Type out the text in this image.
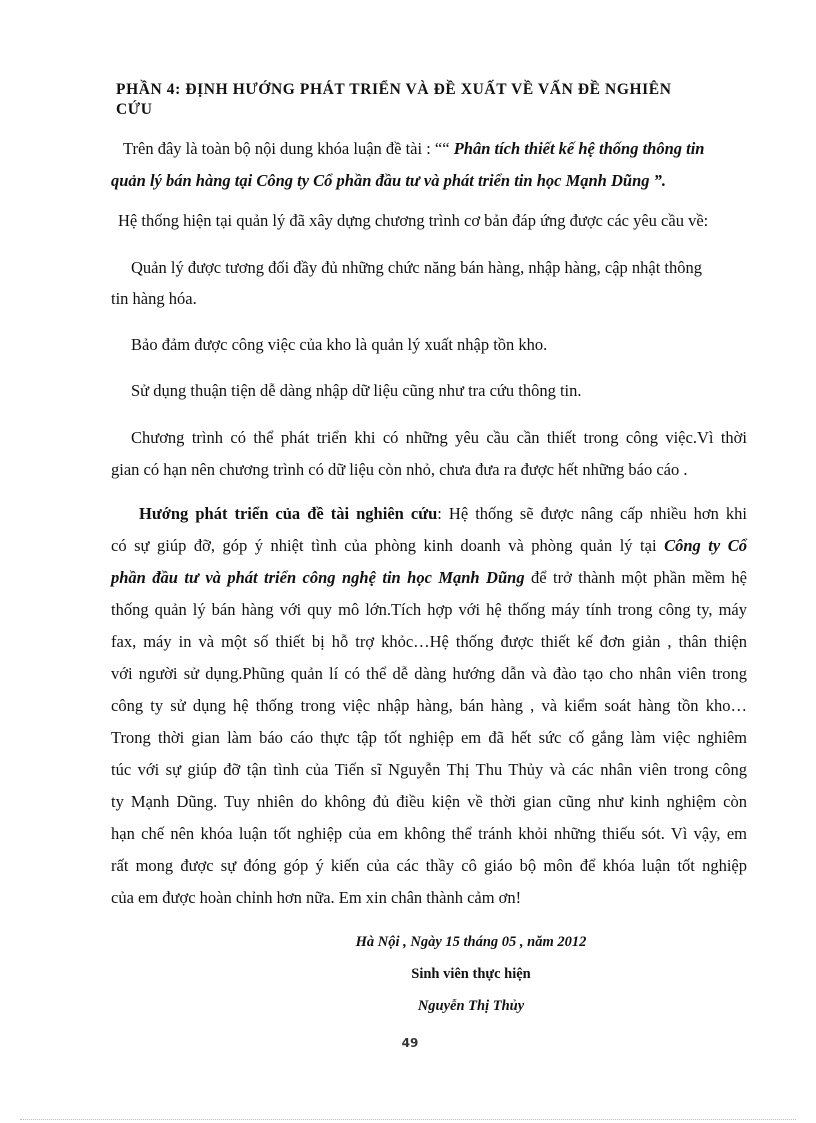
PHẦN 4: ĐỊNH HƯỚNG PHÁT TRIỂN VÀ ĐỀ XUẤT VỀ VẤN ĐỀ NGHIÊN
CỨU
Trên đây là toàn bộ nội dung khóa luận đề tài : ““ Phân tích thiết kế hệ thống thông tin
quản lý bán hàng tại Công ty Cổ phần đầu tư và phát triển tin học Mạnh Dũng ”.
Hệ thống hiện tại quản lý đã xây dựng chương trình cơ bản đáp ứng được các yêu cầu về:
Quản lý được tương đối đầy đủ những chức năng bán hàng, nhập hàng, cập nhật thông
tin hàng hóa.
Bảo đảm được công việc của kho là quản lý xuất nhập tồn kho.
Sử dụng thuận tiện dễ dàng nhập dữ liệu cũng như tra cứu thông tin.
Chương trình có thể phát triển khi có những yêu cầu cần thiết trong công việc.Vì thời
gian có hạn nên chương trình có dữ liệu còn nhỏ, chưa đưa ra được hết những báo cáo .
Hướng phát triển của đề tài nghiên cứu: Hệ thống sẽ được nâng cấp nhiều hơn khi
có sự giúp đỡ, góp ý nhiệt tình của phòng kinh doanh và phòng quản lý tại Công ty Cổ
phần đầu tư và phát triển công nghệ tin học Mạnh Dũng để trở thành một phần mềm hệ
thống quản lý bán hàng với quy mô lớn.Tích hợp với hệ thống máy tính trong công ty, máy
fax, máy in và một số thiết bị hỗ trợ khỏc…Hệ thống được thiết kế đơn giản , thân thiện
với người sử dụng.Phũng quản lí có thể dễ dàng hướng dẫn và đào tạo cho nhân viên trong
công ty sử dụng hệ thống trong việc nhập hàng, bán hàng , và kiểm soát hàng tồn kho…
Trong thời gian làm báo cáo thực tập tốt nghiệp em đã hết sức cố gắng làm việc nghiêm
túc với sự giúp đỡ tận tình của Tiến sĩ Nguyễn Thị Thu Thủy và các nhân viên trong công
ty Mạnh Dũng. Tuy nhiên do không đủ điều kiện về thời gian cũng như kinh nghiệm còn
hạn chế nên khóa luận tốt nghiệp của em không thể tránh khỏi những thiếu sót. Vì vậy, em
rất mong được sự đóng góp ý kiến của các thầy cô giáo bộ môn để khóa luận tốt nghiệp
của em được hoàn chỉnh hơn nữa. Em xin chân thành cảm ơn!
Hà Nội , Ngày 15 tháng 05 , năm 2012
Sinh viên thực hiện
Nguyễn Thị Thủy
49
